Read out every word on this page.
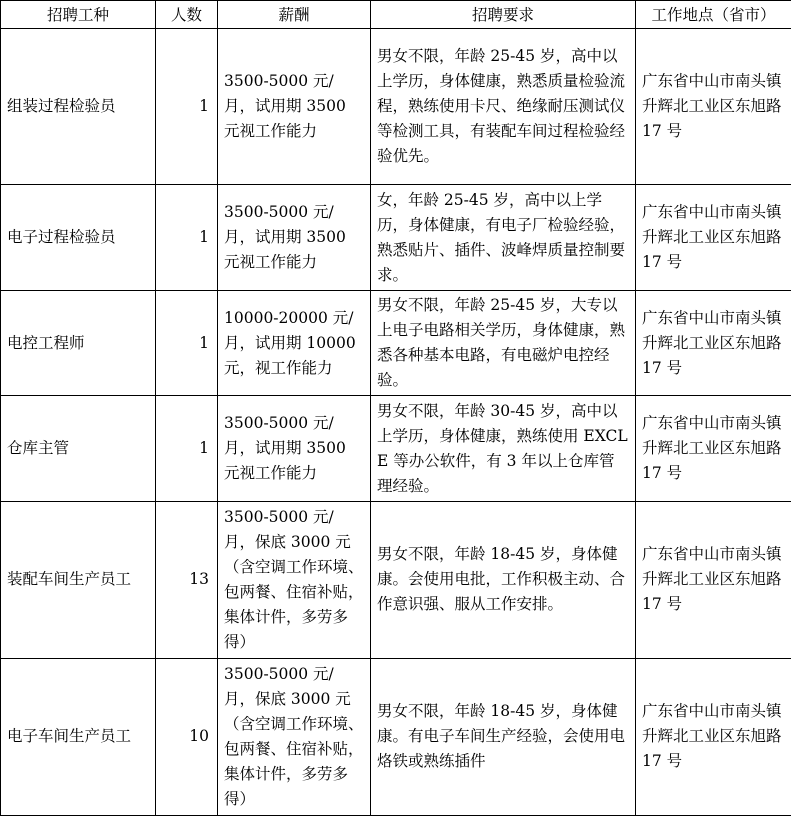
招聘工种	人数	薪酬	招聘要求	工作地点（省市）
组装过程检验员	1	3500-5000 元/月，试用期 3500 元视工作能力	男女不限，年龄 25-45 岁，高中以上学历，身体健康，熟悉质量检验流程，熟练使用卡尺、绝缘耐压测试仪等检测工具，有装配车间过程检验经验优先。	广东省中山市南头镇升辉北工业区东旭路 17 号
电子过程检验员	1	3500-5000 元/月，试用期 3500 元视工作能力	女，年龄 25-45 岁，高中以上学历，身体健康，有电子厂检验经验，熟悉贴片、插件、波峰焊质量控制要求。	广东省中山市南头镇升辉北工业区东旭路 17 号
电控工程师	1	10000-20000 元/月，试用期 10000 元，视工作能力	男女不限，年龄 25-45 岁，大专以上电子电路相关学历，身体健康，熟悉各种基本电路，有电磁炉电控经验。	广东省中山市南头镇升辉北工业区东旭路 17 号
仓库主管	1	3500-5000 元/月，试用期 3500 元视工作能力	男女不限，年龄 30-45 岁，高中以上学历，身体健康，熟练使用 EXCLE 等办公软件，有 3 年以上仓库管理经验。	广东省中山市南头镇升辉北工业区东旭路 17 号
装配车间生产员工	13	3500-5000 元/月，保底 3000 元（含空调工作环境、包两餐、住宿补贴，集体计件，多劳多得）	男女不限，年龄 18-45 岁，身体健康。会使用电批，工作积极主动、合作意识强、服从工作安排。	广东省中山市南头镇升辉北工业区东旭路 17 号
电子车间生产员工	10	3500-5000 元/月，保底 3000 元（含空调工作环境、包两餐、住宿补贴，集体计件，多劳多得）	男女不限，年龄 18-45 岁，身体健康。有电子车间生产经验，会使用电烙铁或熟练插件	广东省中山市南头镇升辉北工业区东旭路 17 号
